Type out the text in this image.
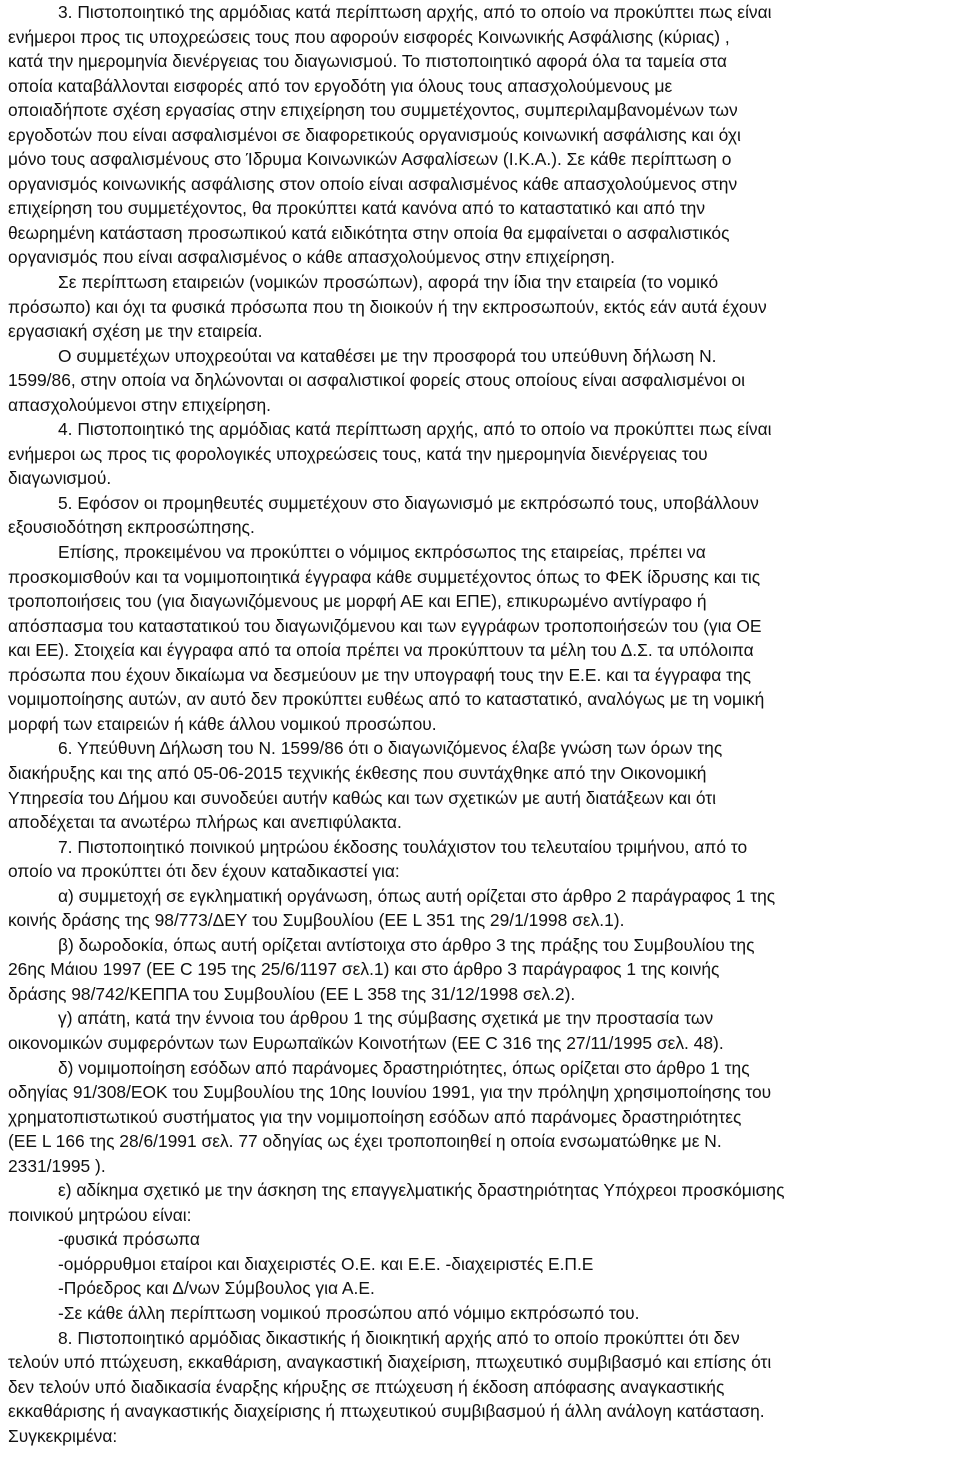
3. Πιστοποιητικό της αρμόδιας κατά περίπτωση αρχής, από το οποίο να προκύπτει πως είναι
ενήμεροι προς τις υποχρεώσεις τους που αφορούν εισφορές Κοινωνικής Ασφάλισης (κύριας) ,
κατά την ημερομηνία διενέργειας του διαγωνισμού. Το πιστοποιητικό αφορά όλα τα ταμεία στα
οποία καταβάλλονται εισφορές από τον εργοδότη για όλους τους απασχολούμενους με
οποιαδήποτε σχέση εργασίας στην επιχείρηση του συμμετέχοντος, συμπεριλαμβανομένων των
εργοδοτών που είναι ασφαλισμένοι σε διαφορετικούς οργανισμούς κοινωνική ασφάλισης και όχι
μόνο τους ασφαλισμένους στο Ίδρυμα Κοινωνικών Ασφαλίσεων (Ι.Κ.Α.). Σε κάθε περίπτωση ο
οργανισμός κοινωνικής ασφάλισης στον οποίο είναι ασφαλισμένος κάθε απασχολούμενος στην
επιχείρηση του συμμετέχοντος, θα προκύπτει κατά κανόνα από το καταστατικό και από την
θεωρημένη κατάσταση προσωπικού κατά ειδικότητα στην οποία θα εμφαίνεται ο ασφαλιστικός
οργανισμός που είναι ασφαλισμένος ο κάθε απασχολούμενος στην επιχείρηση.
Σε περίπτωση εταιρειών (νομικών προσώπων), αφορά την ίδια την εταιρεία (το νομικό
πρόσωπο) και όχι τα φυσικά πρόσωπα που τη διοικούν ή την εκπροσωπούν, εκτός εάν αυτά έχουν
εργασιακή σχέση με την εταιρεία.
Ο συμμετέχων υποχρεούται να καταθέσει με την προσφορά του υπεύθυνη δήλωση Ν.
1599/86, στην οποία να δηλώνονται οι ασφαλιστικοί φορείς στους οποίους είναι ασφαλισμένοι οι
απασχολούμενοι στην επιχείρηση.
4. Πιστοποιητικό της αρμόδιας κατά περίπτωση αρχής, από το οποίο να προκύπτει πως είναι
ενήμεροι ως προς τις φορολογικές υποχρεώσεις τους, κατά την ημερομηνία διενέργειας του
διαγωνισμού.
5. Εφόσον οι προμηθευτές συμμετέχουν στο διαγωνισμό με εκπρόσωπό τους, υποβάλλουν
εξουσιοδότηση εκπροσώπησης.
Επίσης, προκειμένου να προκύπτει ο νόμιμος εκπρόσωπος της εταιρείας, πρέπει να
προσκομισθούν και τα νομιμοποιητικά έγγραφα κάθε συμμετέχοντος όπως το ΦΕΚ ίδρυσης και τις
τροποποιήσεις του (για διαγωνιζόμενους με μορφή ΑΕ και ΕΠΕ), επικυρωμένο αντίγραφο ή
απόσπασμα του καταστατικού του διαγωνιζόμενου και των εγγράφων τροποποιήσεών του (για ΟΕ
και ΕΕ). Στοιχεία και έγγραφα από τα οποία πρέπει να προκύπτουν τα μέλη του Δ.Σ. τα υπόλοιπα
πρόσωπα που έχουν δικαίωμα να δεσμεύουν με την υπογραφή τους την Ε.Ε. και τα έγγραφα της
νομιμοποίησης αυτών, αν αυτό δεν προκύπτει ευθέως από το καταστατικό, αναλόγως με τη νομική
μορφή των εταιρειών ή κάθε άλλου νομικού προσώπου.
6. Υπεύθυνη Δήλωση του Ν. 1599/86 ότι ο διαγωνιζόμενος έλαβε γνώση των όρων της
διακήρυξης και της από 05-06-2015 τεχνικής έκθεσης που συντάχθηκε από την Οικονομική
Υπηρεσία του Δήμου και συνοδεύει αυτήν καθώς και των σχετικών με αυτή διατάξεων και ότι
αποδέχεται τα ανωτέρω πλήρως και ανεπιφύλακτα.
7. Πιστοποιητικό ποινικού μητρώου έκδοσης τουλάχιστον του τελευταίου τριμήνου, από το
οποίο να προκύπτει ότι δεν έχουν καταδικαστεί για:
α) συμμετοχή σε εγκληματική οργάνωση, όπως αυτή ορίζεται στο άρθρο 2 παράγραφος 1 της
κοινής δράσης της 98/773/ΔΕΥ του Συμβουλίου (ΕΕ L 351 της 29/1/1998 σελ.1).
β) δωροδοκία, όπως αυτή ορίζεται αντίστοιχα στο άρθρο 3 της πράξης του Συμβουλίου της
26ης Μάιου 1997 (ΕΕ C 195 της 25/6/1197 σελ.1) και στο άρθρο 3 παράγραφος 1 της κοινής
δράσης 98/742/ΚΕΠΠΑ του Συμβουλίου (ΕΕ L 358 της 31/12/1998 σελ.2).
γ) απάτη, κατά την έννοια του άρθρου 1 της σύμβασης σχετικά με την προστασία των
οικονομικών συμφερόντων των Ευρωπαϊκών Κοινοτήτων (ΕΕ C 316 της 27/11/1995 σελ. 48).
δ) νομιμοποίηση εσόδων από παράνομες δραστηριότητες, όπως ορίζεται στο άρθρο 1 της
οδηγίας 91/308/ΕΟΚ του Συμβουλίου της 10ης Ιουνίου 1991, για την πρόληψη χρησιμοποίησης του
χρηματοπιστωτικού συστήματος για την νομιμοποίηση εσόδων από παράνομες δραστηριότητες
(ΕΕ L 166 της 28/6/1991 σελ. 77 οδηγίας ως έχει τροποποιηθεί η οποία ενσωματώθηκε με Ν.
2331/1995 ).
ε) αδίκημα σχετικό με την άσκηση της επαγγελματικής δραστηριότητας Υπόχρεοι προσκόμισης
ποινικού μητρώου είναι:
-φυσικά πρόσωπα
-ομόρρυθμοι εταίροι και διαχειριστές Ο.Ε. και Ε.Ε. -διαχειριστές Ε.Π.Ε
-Πρόεδρος και Δ/νων Σύμβουλος για Α.Ε.
-Σε κάθε άλλη περίπτωση νομικού προσώπου από νόμιμο εκπρόσωπό του.
8. Πιστοποιητικό αρμόδιας δικαστικής ή διοικητική αρχής από το οποίο προκύπτει ότι δεν
τελούν υπό πτώχευση, εκκαθάριση, αναγκαστική διαχείριση, πτωχευτικό συμβιβασμό και επίσης ότι
δεν τελούν υπό διαδικασία έναρξης κήρυξης σε πτώχευση ή έκδοση απόφασης αναγκαστικής
εκκαθάρισης ή αναγκαστικής διαχείρισης ή πτωχευτικού συμβιβασμού ή άλλη ανάλογη κατάσταση.
Συγκεκριμένα:
